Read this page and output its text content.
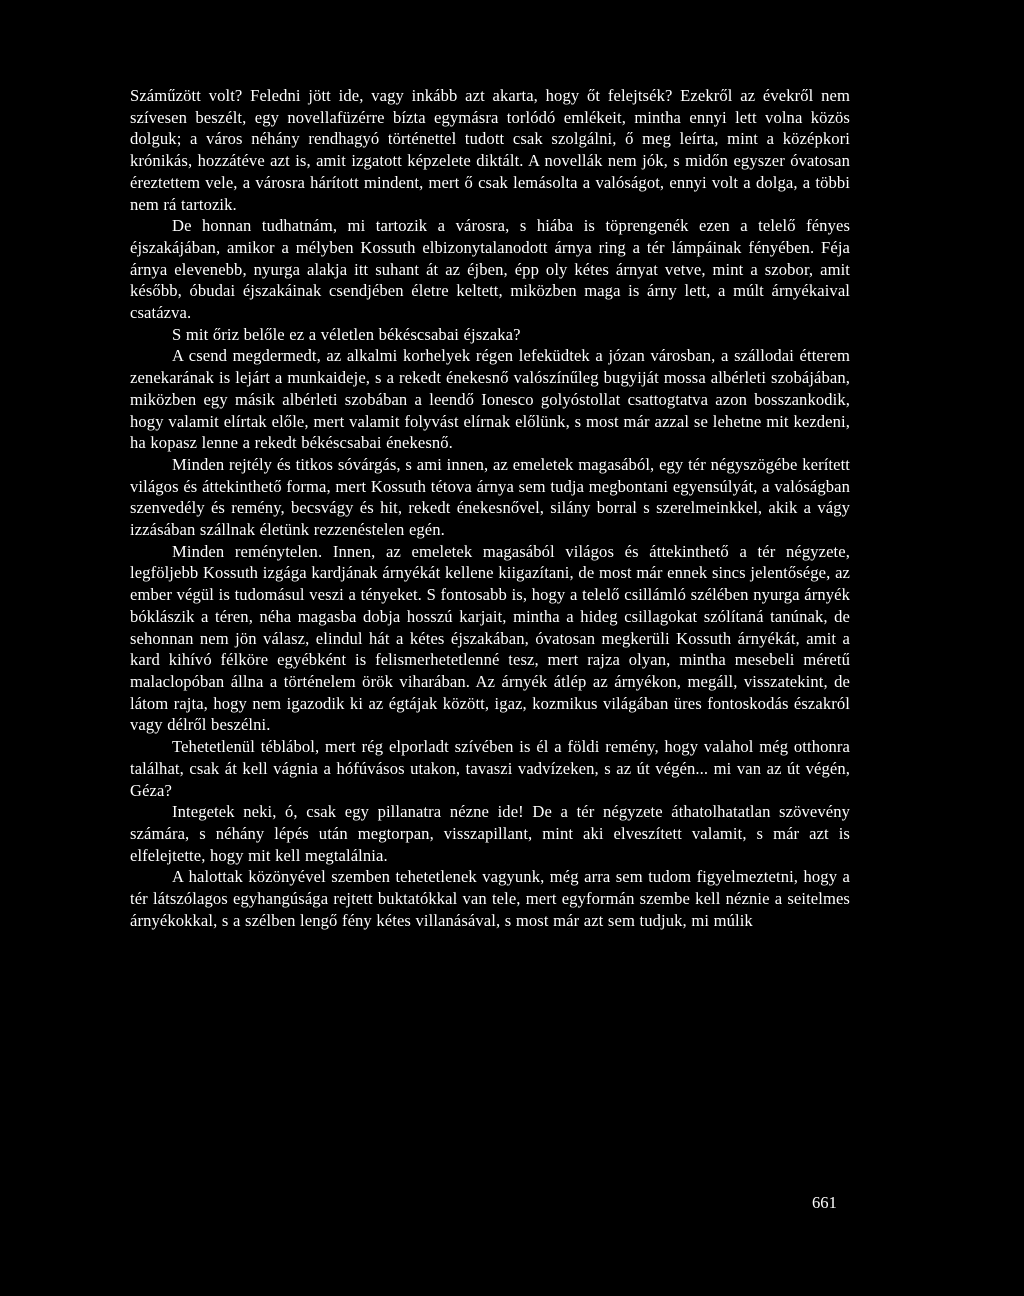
Száműzött volt? Feledni jött ide, vagy inkább azt akarta, hogy őt felejtsék? Ezekről az évekről nem szívesen beszélt, egy novellafüzérre bízta egymásra torlódó emlékeit, mintha ennyi lett volna közös dolguk; a város néhány rendhagyó történettel tudott csak szolgálni, ő meg leírta, mint a középkori krónikás, hozzátéve azt is, amit izgatott képzelete diktált. A novellák nem jók, s midőn egyszer óvatosan éreztettem vele, a városra hárított mindent, mert ő csak lemásolta a valóságot, ennyi volt a dolga, a többi nem rá tartozik.

De honnan tudhatnám, mi tartozik a városra, s hiába is töprengenék ezen a telelő fényes éjszakájában, amikor a mélyben Kossuth elbizonytalanodott árnya ring a tér lámpáinak fényében. Féja árnya elevenebb, nyurga alakja itt suhant át az éjben, épp oly kétes árnyat vetve, mint a szobor, amit később, óbudai éjszakáinak csendjében életre keltett, miközben maga is árny lett, a múlt árnyékaival csatázva.

S mit őriz belőle ez a véletlen békéscsabai éjszaka?

A csend megdermedt, az alkalmi korhelyek régen lefeküdtek a józan városban, a szállodai étterem zenekarának is lejárt a munkaideje, s a rekedt énekesnő valószínűleg bugyiját mossa albérleti szobájában, miközben egy másik albérleti szobában a leendő Ionesco golyóstollat csattogtatva azon bosszankodik, hogy valamit elírtak előle, mert valamit folyvást elírnak előlünk, s most már azzal se lehetne mit kezdeni, ha kopasz lenne a rekedt békéscsabai énekesnő.

Minden rejtély és titkos sóvárgás, s ami innen, az emeletek magasából, egy tér négyszögébe kerített világos és áttekinthető forma, mert Kossuth tétova árnya sem tudja megbontani egyensúlyát, a valóságban szenvedély és remény, becsvágy és hit, rekedt énekesnővel, silány borral s szerelmeinkkel, akik a vágy izzásában szállnak életünk rezzenéstelen egén.

Minden reménytelen. Innen, az emeletek magasából világos és áttekinthető a tér négyzete, legföljebb Kossuth izgága kardjának árnyékát kellene kiigazítani, de most már ennek sincs jelentősége, az ember végül is tudomásul veszi a tényeket. S fontosabb is, hogy a telelő csillámló szélében nyurga árnyék bóklászik a téren, néha magasba dobja hosszú karjait, mintha a hideg csillagokat szólítaná tanúnak, de sehonnan nem jön válasz, elindul hát a kétes éjszakában, óvatosan megkerüli Kossuth árnyékát, amit a kard kihívó félköre egyébként is felismerhetetlenné tesz, mert rajza olyan, mintha mesebeli méretű malaclopóban állna a történelem örök viharában. Az árnyék átlép az árnyékon, megáll, visszatekint, de látom rajta, hogy nem igazodik ki az égtájak között, igaz, kozmikus világában üres fontoskodás északról vagy délről beszélni.

Tehetetlenül téblábol, mert rég elporladt szívében is él a földi remény, hogy valahol még otthonra találhat, csak át kell vágnia a hófúvásos utakon, tavaszi vadvízeken, s az út végén... mi van az út végén, Géza?

Integetek neki, ó, csak egy pillanatra nézne ide! De a tér négyzete áthatolhatatlan szövevény számára, s néhány lépés után megtorpan, visszapillant, mint aki elveszített valamit, s már azt is elfelejtette, hogy mit kell megtalálnia.

A halottak közönyével szemben tehetetlenek vagyunk, még arra sem tudom figyelmeztetni, hogy a tér látszólagos egyhangúsága rejtett buktatókkal van tele, mert egyformán szembe kell néznie a seitelmes árnyékokkal, s a szélben lengő fény kétes villanásával, s most már azt sem tudjuk, mi múlik

661
